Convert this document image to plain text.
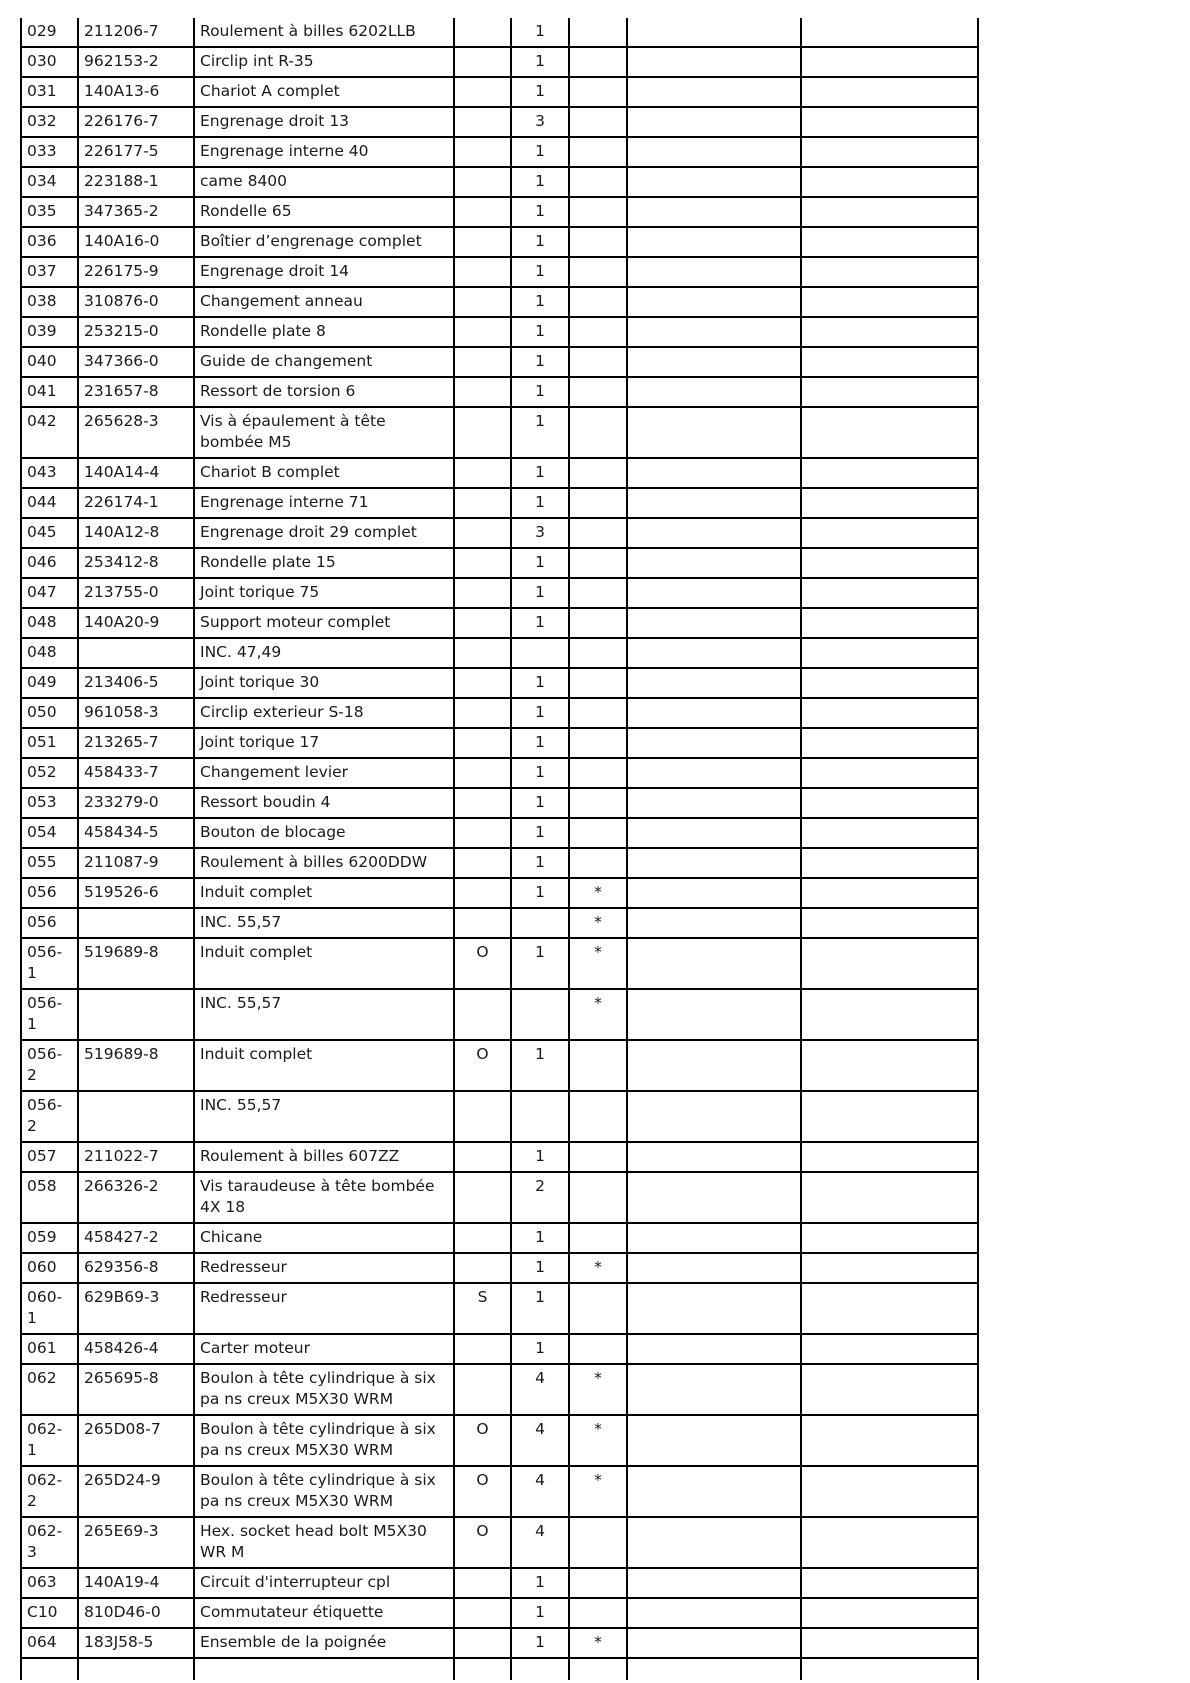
029	211206-7	Roulement à billes 6202LLB		1			
030	962153-2	Circlip int R-35		1			
031	140A13-6	Chariot A complet		1			
032	226176-7	Engrenage droit 13		3			
033	226177-5	Engrenage interne 40		1			
034	223188-1	came 8400		1			
035	347365-2	Rondelle 65		1			
036	140A16-0	Boîtier d’engrenage complet		1			
037	226175-9	Engrenage droit 14		1			
038	310876-0	Changement anneau		1			
039	253215-0	Rondelle plate 8		1			
040	347366-0	Guide de changement		1			
041	231657-8	Ressort de torsion 6		1			
042	265628-3	Vis à épaulement à tête bombée M5		1			
043	140A14-4	Chariot B complet		1			
044	226174-1	Engrenage interne 71		1			
045	140A12-8	Engrenage droit 29 complet		3			
046	253412-8	Rondelle plate 15		1			
047	213755-0	Joint torique 75		1			
048	140A20-9	Support moteur complet		1			
048		INC. 47,49					
049	213406-5	Joint torique 30		1			
050	961058-3	Circlip exterieur S-18		1			
051	213265-7	Joint torique 17		1			
052	458433-7	Changement levier		1			
053	233279-0	Ressort boudin 4		1			
054	458434-5	Bouton de blocage		1			
055	211087-9	Roulement à billes 6200DDW		1			
056	519526-6	Induit complet		1	*		
056		INC. 55,57			*		
056-1	519689-8	Induit complet	O	1	*		
056-1		INC. 55,57			*		
056-2	519689-8	Induit complet	O	1			
056-2		INC. 55,57					
057	211022-7	Roulement à billes 607ZZ		1			
058	266326-2	Vis taraudeuse à tête bombée 4X 18		2			
059	458427-2	Chicane		1			
060	629356-8	Redresseur		1	*		
060-1	629B69-3	Redresseur	S	1			
061	458426-4	Carter moteur		1			
062	265695-8	Boulon à tête cylindrique à six pa ns creux M5X30 WRM		4	*		
062-1	265D08-7	Boulon à tête cylindrique à six pa ns creux M5X30 WRM	O	4	*		
062-2	265D24-9	Boulon à tête cylindrique à six pa ns creux M5X30 WRM	O	4	*		
062-3	265E69-3	Hex. socket head bolt M5X30 WR M	O	4			
063	140A19-4	Circuit d'interrupteur cpl		1			
C10	810D46-0	Commutateur étiquette		1			
064	183J58-5	Ensemble de la poignée		1	*		
